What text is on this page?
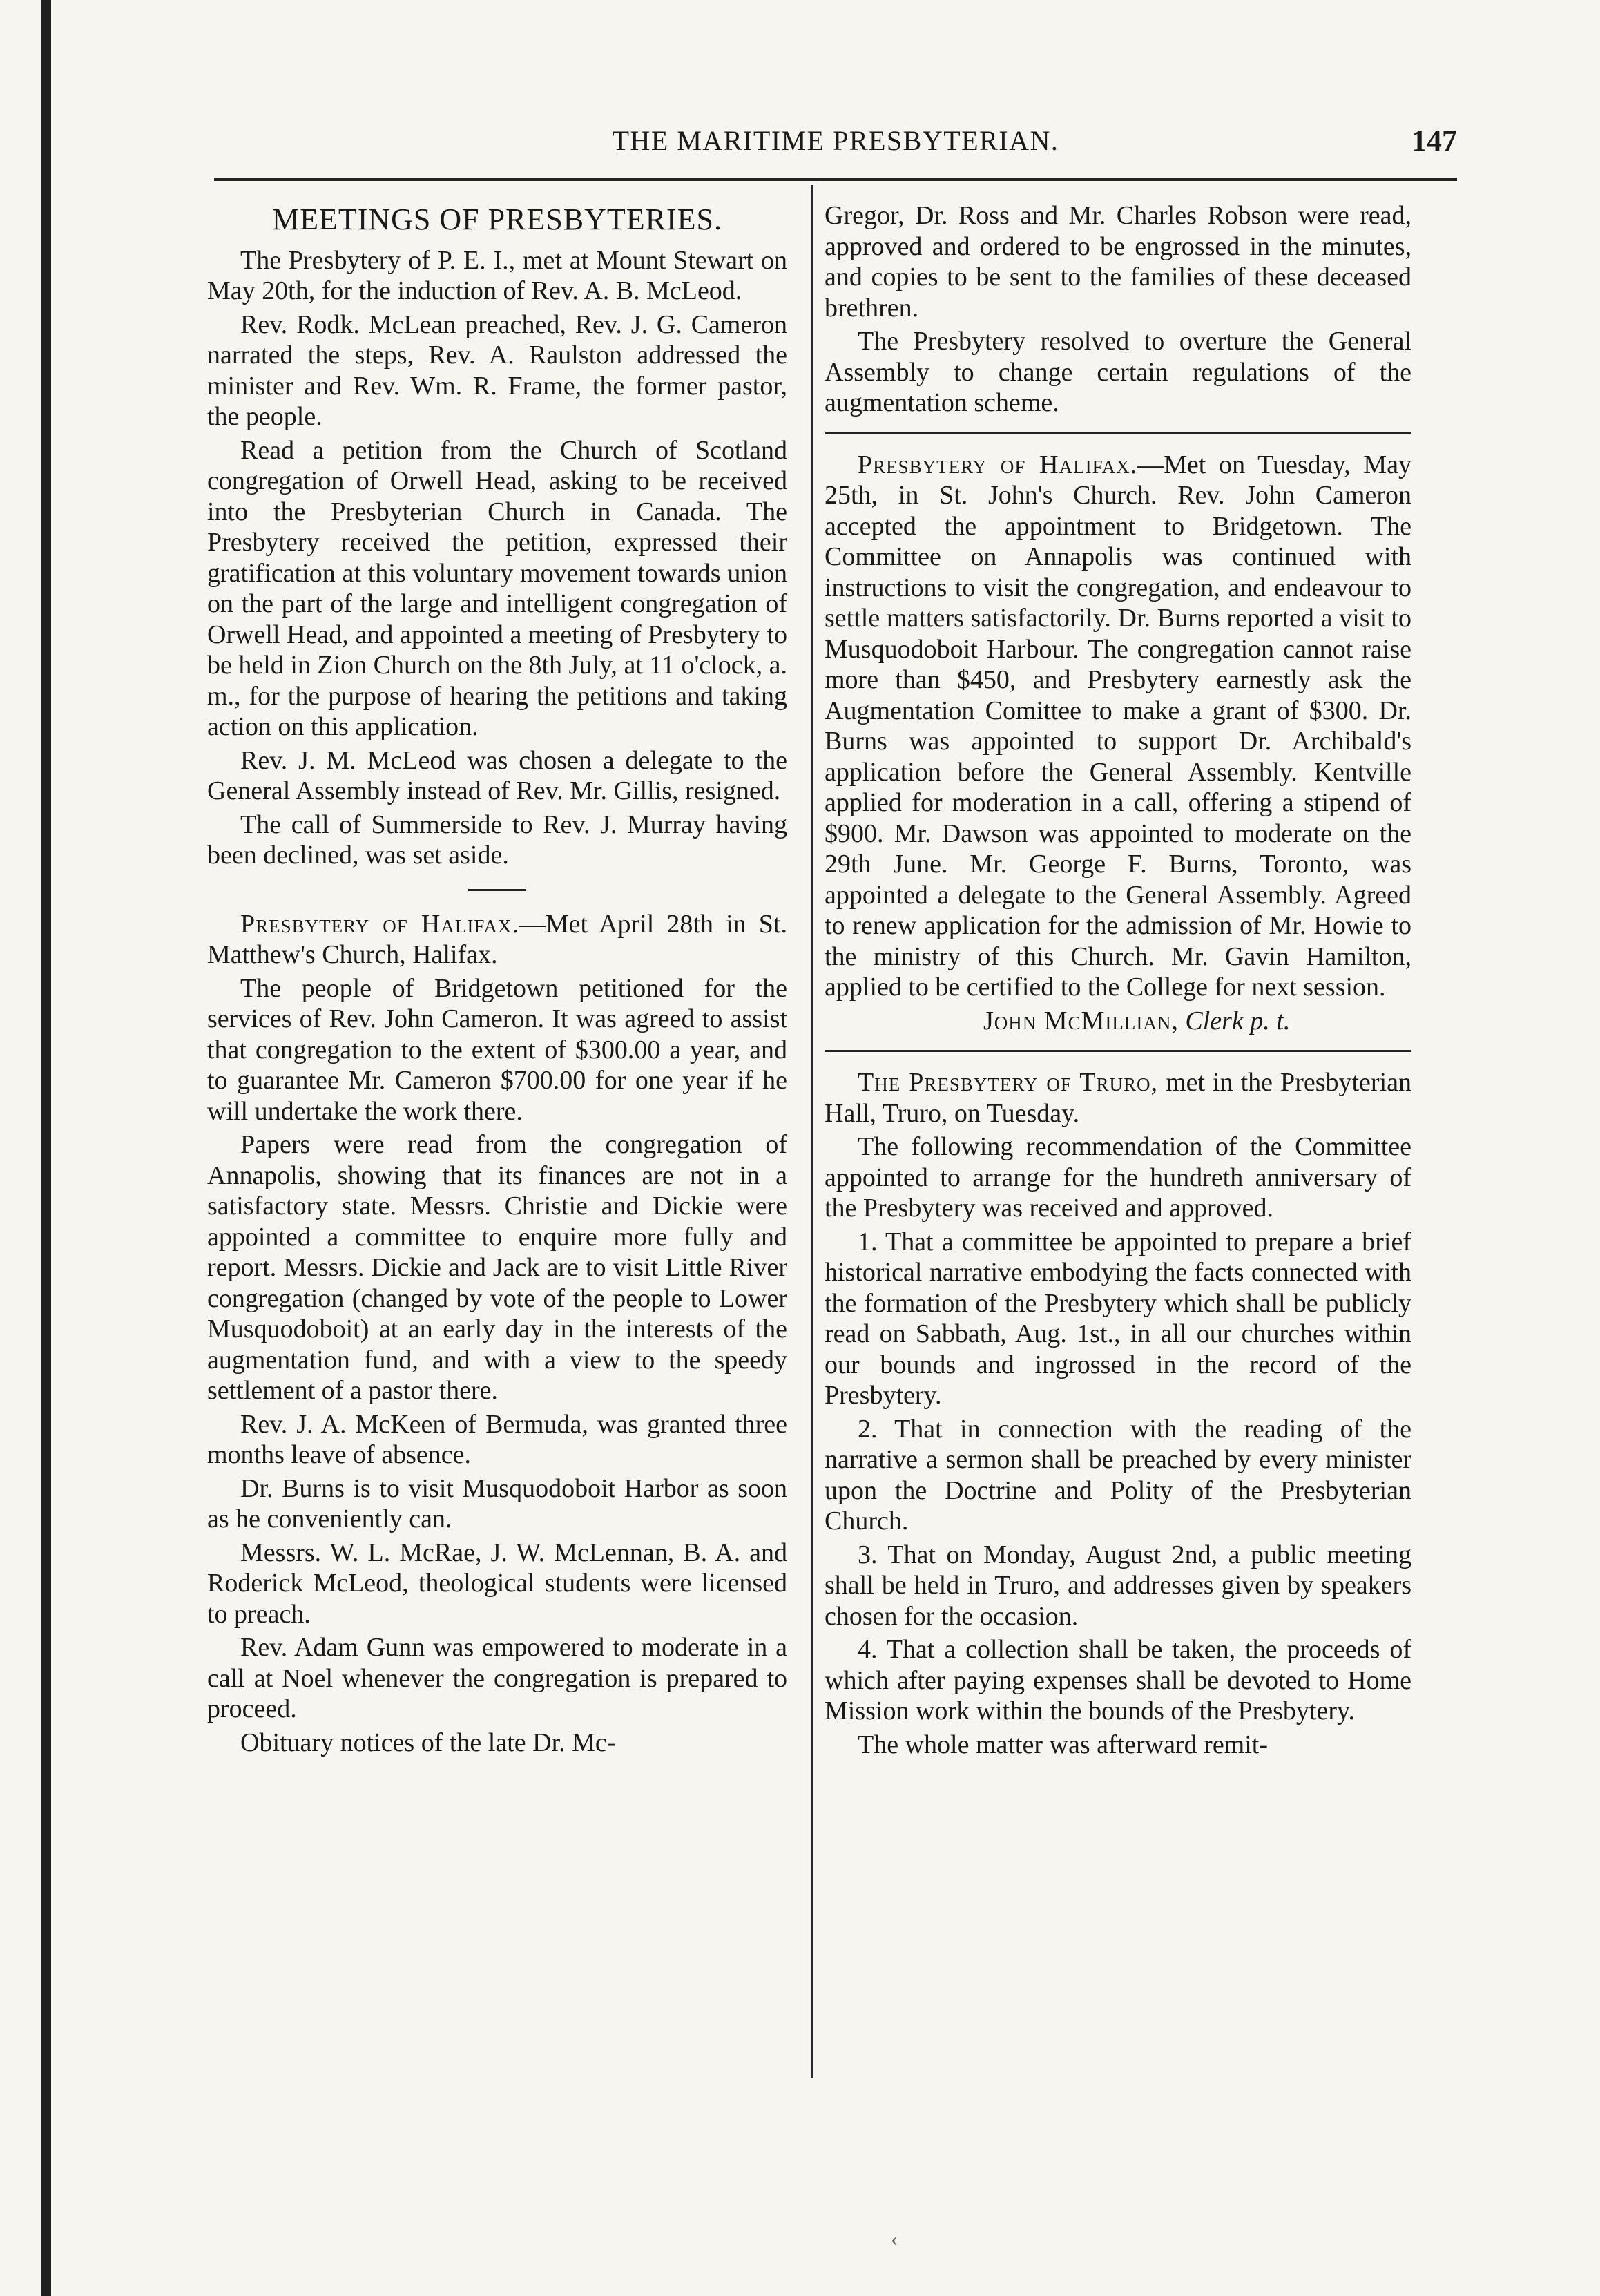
THE MARITIME PRESBYTERIAN.	147
MEETINGS OF PRESBYTERIES.

The Presbytery of P. E. I., met at Mount Stewart on May 20th, for the induction of Rev. A. B. McLeod.

Rev. Rodk. McLean preached, Rev. J. G. Cameron narrated the steps, Rev. A. Raulston addressed the minister and Rev. Wm. R. Frame, the former pastor, the people.

Read a petition from the Church of Scotland congregation of Orwell Head, asking to be received into the Presbyterian Church in Canada. The Presbytery received the petition, expressed their gratification at this voluntary movement towards union on the part of the large and intelligent congregation of Orwell Head, and appointed a meeting of Presbytery to be held in Zion Church on the 8th July, at 11 o'clock, a. m., for the purpose of hearing the petitions and taking action on this application.

Rev. J. M. McLeod was chosen a delegate to the General Assembly instead of Rev. Mr. Gillis, resigned.

The call of Summerside to Rev. J. Murray having been declined, was set aside.

Presbytery of Halifax.—Met April 28th in St. Matthew's Church, Halifax.

The people of Bridgetown petitioned for the services of Rev. John Cameron. It was agreed to assist that congregation to the extent of $300.00 a year, and to guarantee Mr. Cameron $700.00 for one year if he will undertake the work there.

Papers were read from the congregation of Annapolis, showing that its finances are not in a satisfactory state. Messrs. Christie and Dickie were appointed a committee to enquire more fully and report. Messrs. Dickie and Jack are to visit Little River congregation (changed by vote of the people to Lower Musquodoboit) at an early day in the interests of the augmentation fund, and with a view to the speedy settlement of a pastor there.

Rev. J. A. McKeen of Bermuda, was granted three months leave of absence.

Dr. Burns is to visit Musquodoboit Harbor as soon as he conveniently can.

Messrs. W. L. McRae, J. W. McLennan, B. A. and Roderick McLeod, theological students were licensed to preach.

Rev. Adam Gunn was empowered to moderate in a call at Noel whenever the congregation is prepared to proceed.

Obituary notices of the late Dr. Mc-

Gregor, Dr. Ross and Mr. Charles Robson were read, approved and ordered to be engrossed in the minutes, and copies to be sent to the families of these deceased brethren.

The Presbytery resolved to overture the General Assembly to change certain regulations of the augmentation scheme.

Presbytery of Halifax.—Met on Tuesday, May 25th, in St. John's Church. Rev. John Cameron accepted the appointment to Bridgetown. The Committee on Annapolis was continued with instructions to visit the congregation, and endeavour to settle matters satisfactorily. Dr. Burns reported a visit to Musquodoboit Harbour. The congregation cannot raise more than $450, and Presbytery earnestly ask the Augmentation Comittee to make a grant of $300. Dr. Burns was appointed to support Dr. Archibald's application before the General Assembly. Kentville applied for moderation in a call, offering a stipend of $900. Mr. Dawson was appointed to moderate on the 29th June. Mr. George F. Burns, Toronto, was appointed a delegate to the General Assembly. Agreed to renew application for the admission of Mr. Howie to the ministry of this Church. Mr. Gavin Hamilton, applied to be certified to the College for next session.

John McMillian, Clerk p. t.

The Presbytery of Truro, met in the Presbyterian Hall, Truro, on Tuesday.

The following recommendation of the Committee appointed to arrange for the hundreth anniversary of the Presbytery was received and approved.

1. That a committee be appointed to prepare a brief historical narrative embodying the facts connected with the formation of the Presbytery which shall be publicly read on Sabbath, Aug. 1st., in all our churches within our bounds and ingrossed in the record of the Presbytery.

2. That in connection with the reading of the narrative a sermon shall be preached by every minister upon the Doctrine and Polity of the Presbyterian Church.

3. That on Monday, August 2nd, a public meeting shall be held in Truro, and addresses given by speakers chosen for the occasion.

4. That a collection shall be taken, the proceeds of which after paying expenses shall be devoted to Home Mission work within the bounds of the Presbytery.

The whole matter was afterward remit-

‹
